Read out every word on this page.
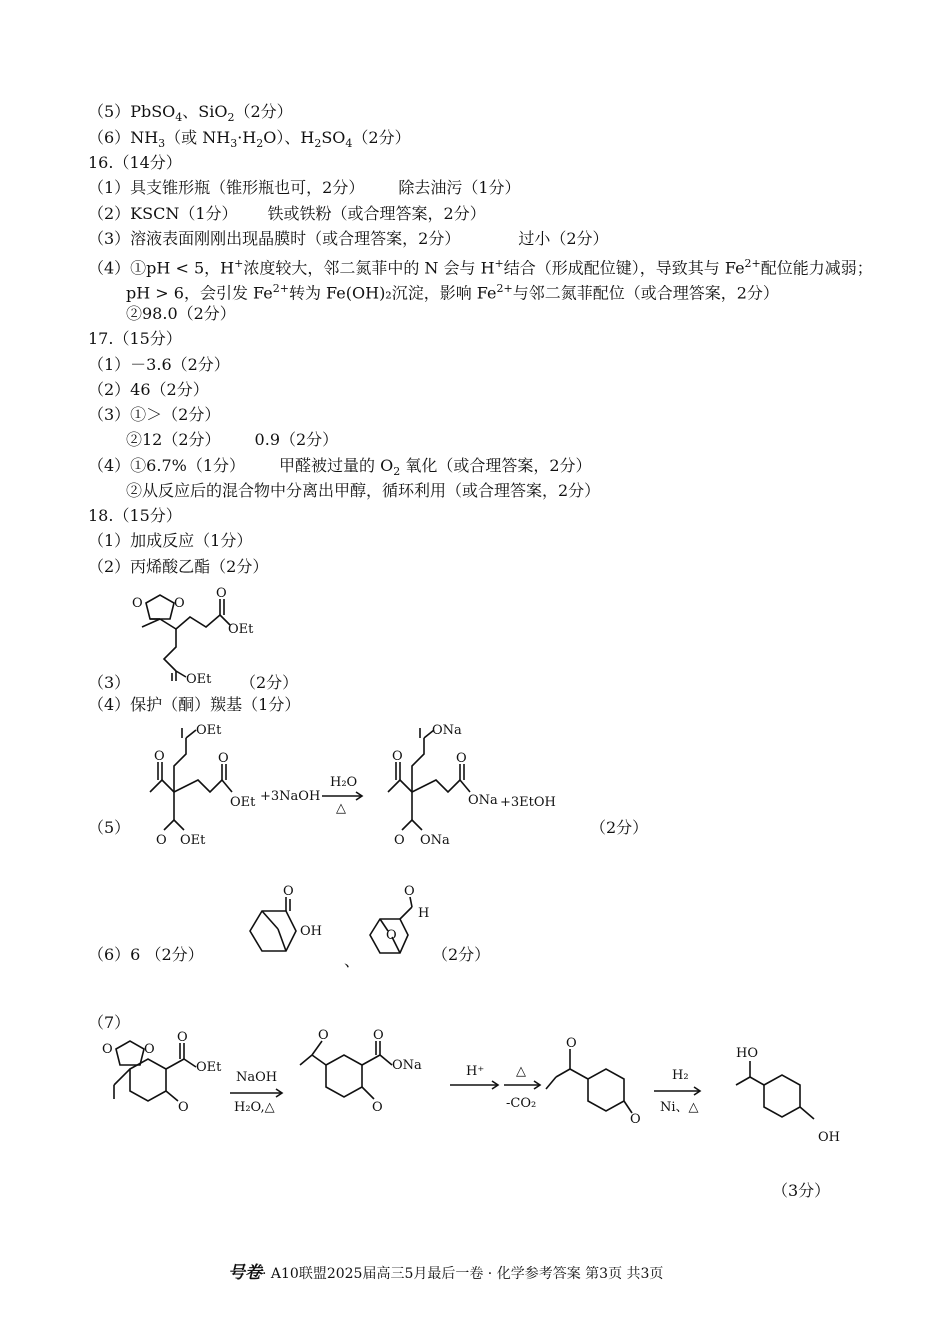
（5）PbSO$_4$、SiO$_2$（2分）
$(6)NH_3$（或 $NH_3\cdot H_2O$）、$H_2SO_4(2$分）
16.（14分）
（1）具支锥形瓶（锥形瓶也可，2分） 除去油污（1分）
（2）KSCN（1分） 铁或铁粉（或合理答案，2分）
（3）溶液表面刚刚出现晶膜时（或合理答案，2分）	过小（2分）
（4）①pH < 5，H+浓度较大，邻二氮菲中的 N 会与 H+结合（形成配位键），导致其与 $Fe^{2+}$配位能力减弱；
pH > 6，会引发 $Fe^{2+}$转为 Fe(OH)₂沉淀，影响 $Fe^{2+}$与邻二氮菲配位（或合理答案，2分）
②98.0（2分）
17.（15分）
（1）－3.6（2分）
（2）46（2分）
（3）①＞（2分）
②12（2分） 0.9（2分）
（4）①6.7%（1分） 甲醛被过量的 $O_2$ 氧化（或合理答案，2分）
②从反应后的混合物中分离出甲醇，循环利用（或合理答案，2分）
18.（15分）
（1）加成反应（1分）
（2）丙烯酸乙酯（2分）
（3）	（2分）
O O
O
OEt
OEt
（4）保护（酮）羰基（1分）
（5）	（2分）
O
OEt
O
OEt
O OEt
+3NaOH
H₂O
△
O
ONa
O
ONa +3EtOH
O ONa
（6）6 （2分）
O
OH
、
O
O
H
（2分）
（7）
O O
O
OEt
O
NaOH
H₂O,△
O	O
ONa
O
H⁺ △
-CO₂
O
O
H₂
Ni、△
HO
OH
（3分）
号卷· A10联盟2025届高三5月最后一卷 · 化学参考答案 第3页 共3页
